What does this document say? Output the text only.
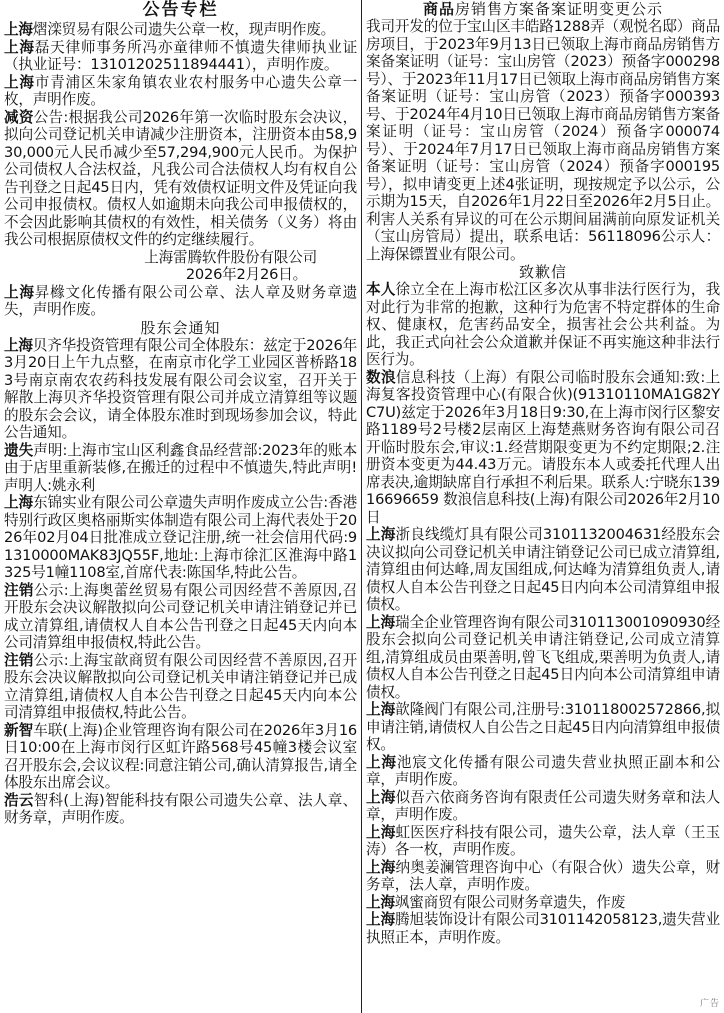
公告专栏

上海熠滦贸易有限公司遗失公章一枚，现声明作废。

上海磊天律师事务所冯亦童律师不慎遗失律师执业证（执业证号：13101202511894441），声明作废。

上海市青浦区朱家角镇农业农村服务中心遗失公章一枚，声明作废。

减资公告:根据我公司2026年第一次临时股东会决议，拟向公司登记机关申请减少注册资本，注册资本由58,930,000元人民币减少至57,294,900元人民币。为保护公司债权人合法权益，凡我公司合法债权人均有权自公告刊登之日起45日内，凭有效债权证明文件及凭证向我公司申报债权。债权人如逾期未向我公司申报债权的，不会因此影响其债权的有效性，相关债务（义务）将由我公司根据原债权文件的约定继续履行。
上海雷腾软件股份有限公司
2026年2月26日。

上海昇橼文化传播有限公司公章、法人章及财务章遗失，声明作废。

股东会通知

上海贝齐华投资管理有限公司全体股东：兹定于2026年3月20日上午九点整，在南京市化学工业园区普桥路183号南京南农农药科技发展有限公司会议室，召开关于解散上海贝齐华投资管理有限公司并成立清算组等议题的股东会会议，请全体股东准时到现场参加会议，特此公告通知。

遗失声明:上海市宝山区利鑫食品经营部:2023年的账本由于店里重新装修,在搬迁的过程中不慎遗失,特此声明!声明人:姚永利

上海东锦实业有限公司公章遗失声明作废成立公告:香港特别行政区奥格丽斯实体制造有限公司上海代表处于2026年02月04日批准成立登记注册,统一社会信用代码:91310000MAK83JQ55F,地址:上海市徐汇区淮海中路1325号1幢1108室,首席代表:陈国华,特此公告。

注销公示:上海奥蕾丝贸易有限公司因经营不善原因,召开股东会决议解散拟向公司登记机关申请注销登记并已成立清算组,请债权人自本公告刊登之日起45天内向本公司清算组申报债权,特此公告。

注销公示:上海宝歆商贸有限公司因经营不善原因,召开股东会决议解散拟向公司登记机关申请注销登记并已成立清算组,请债权人自本公告刊登之日起45天内向本公司清算组申报债权,特此公告。

新智车联(上海)企业管理咨询有限公司在2026年3月16日10:00在上海市闵行区虹许路568号45幢3楼会议室召开股东会,会议议程:同意注销公司,确认清算报告,请全体股东出席会议。

浩云智科(上海)智能科技有限公司遗失公章、法人章、财务章，声明作废。

商品房销售方案备案证明变更公示

我司开发的位于宝山区丰皓路1288弄（观悦名邸）商品房项目，于2023年9月13日已领取上海市商品房销售方案备案证明（证号：宝山房管（2023）预备字000298号）、于2023年11月17日已领取上海市商品房销售方案备案证明（证号：宝山房管（2023）预备字000393号、于2024年4月10日已领取上海市商品房销售方案备案证明（证号：宝山房管（2024）预备字000074号）、于2024年7月17日已领取上海市商品房销售方案备案证明（证号：宝山房管（2024）预备字000195号），拟申请变更上述4张证明，现按规定予以公示，公示期为15天，自2026年1月22日至2026年2月5日止。利害人关系有异议的可在公示期间届满前向原发证机关（宝山房管局）提出，联系电话：56118096公示人：上海保镖置业有限公司。

致歉信

本人徐立全在上海市松江区多次从事非法行医行为，我对此行为非常的抱歉，这种行为危害不特定群体的生命权、健康权，危害药品安全，损害社会公共利益。为此，我正式向社会公众道歉并保证不再实施这种非法行医行为。

数浪信息科技（上海）有限公司临时股东会通知:致:上海复客投资管理中心(有限合伙)(91310110MA1G82YC7U)兹定于2026年3月18日9:30,在上海市闵行区黎安路1189号2号楼2层南区上海楚燕财务咨询有限公司召开临时股东会,审议:1.经营期限变更为不约定期限;2.注册资本变更为44.43万元。请股东本人或委托代理人出席表决,逾期缺席自行承担不利后果。联系人:宁晓东13916696659 数浪信息科技(上海)有限公司2026年2月10日

上海浙良线缆灯具有限公司3101132004631经股东会决议拟向公司登记机关申请注销登记公司已成立清算组,清算组由何达峰,周友国组成,何达峰为清算组负责人,请债权人自本公告刊登之日起45日内向本公司清算组申报债权。

上海瑞全企业管理咨询有限公司310113001090930经股东会拟向公司登记机关申请注销登记,公司成立清算组,清算组成员由栗善明,曾飞飞组成,栗善明为负责人,请债权人自本公告刊登之日起45日内向本公司清算组申请债权。

上海歆隆阀门有限公司,注册号:310118002572866,拟申请注销,请债权人自公告之日起45日内向清算组申报债权。

上海池宸文化传播有限公司遗失营业执照正副本和公章，声明作废。

上海似吾六依商务咨询有限责任公司遗失财务章和法人章，声明作废。

上海虹医医疗科技有限公司，遗失公章，法人章（王玉涛）各一枚，声明作废。

上海纳奥姜澜管理咨询中心（有限合伙）遗失公章，财务章，法人章，声明作废。

上海飒蜜商贸有限公司财务章遗失，作废

上海腾旭装饰设计有限公司3101142058123,遗失营业执照正本，声明作废。

广告
